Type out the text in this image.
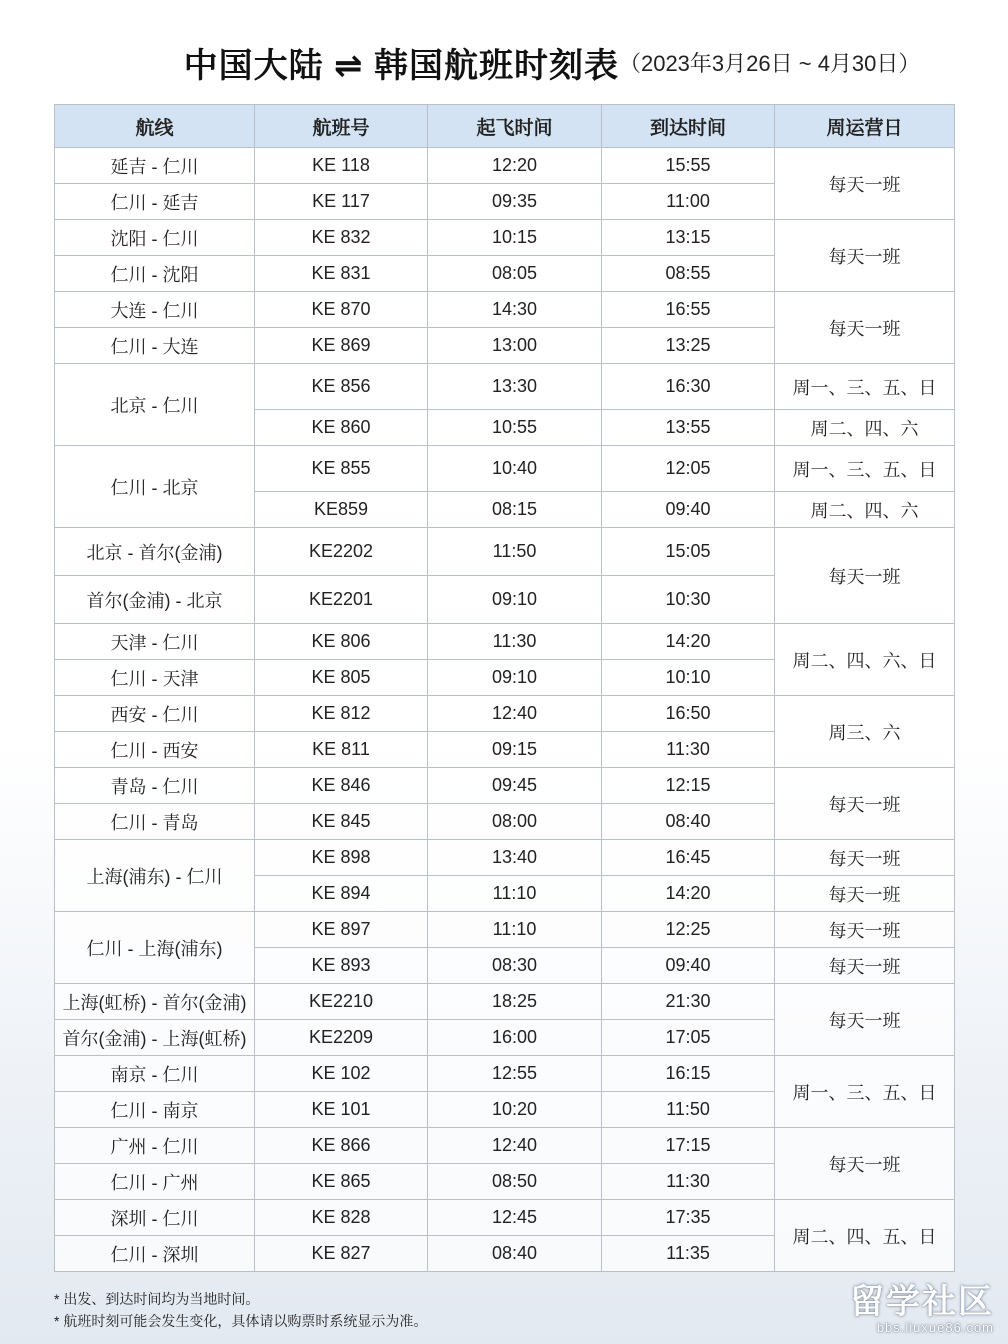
中国大陆 ⇌ 韩国航班时刻表（2023年3月26日 ~ 4月30日）
航线	航班号	起飞时间	到达时间	周运营日
延吉 - 仁川	KE 118	12:20	15:55	每天一班
仁川 - 延吉	KE 117	09:35	11:00	
沈阳 - 仁川	KE 832	10:15	13:15	每天一班
仁川 - 沈阳	KE 831	08:05	08:55	
大连 - 仁川	KE 870	14:30	16:55	每天一班
仁川 - 大连	KE 869	13:00	13:25	
北京 - 仁川	KE 856	13:30	16:30	周一、三、五、日
	KE 860	10:55	13:55	周二、四、六
仁川 - 北京	KE 855	10:40	12:05	周一、三、五、日
	KE859	08:15	09:40	周二、四、六
北京 - 首尔(金浦)	KE2202	11:50	15:05	每天一班
首尔(金浦) - 北京	KE2201	09:10	10:30	
天津 - 仁川	KE 806	11:30	14:20	周二、四、六、日
仁川 - 天津	KE 805	09:10	10:10	
西安 - 仁川	KE 812	12:40	16:50	周三、六
仁川 - 西安	KE 811	09:15	11:30	
青岛 - 仁川	KE 846	09:45	12:15	每天一班
仁川 - 青岛	KE 845	08:00	08:40	
上海(浦东) - 仁川	KE 898	13:40	16:45	每天一班
	KE 894	11:10	14:20	每天一班
仁川 - 上海(浦东)	KE 897	11:10	12:25	每天一班
	KE 893	08:30	09:40	每天一班
上海(虹桥) - 首尔(金浦)	KE2210	18:25	21:30	每天一班
首尔(金浦) - 上海(虹桥)	KE2209	16:00	17:05	
南京 - 仁川	KE 102	12:55	16:15	周一、三、五、日
仁川 - 南京	KE 101	10:20	11:50	
广州 - 仁川	KE 866	12:40	17:15	每天一班
仁川 - 广州	KE 865	08:50	11:30	
深圳 - 仁川	KE 828	12:45	17:35	周二、四、五、日
仁川 - 深圳	KE 827	08:40	11:35	
* 出发、到达时间均为当地时间。
* 航班时刻可能会发生变化，具体请以购票时系统显示为准。	留学社区
bbs.liuxue86.com
